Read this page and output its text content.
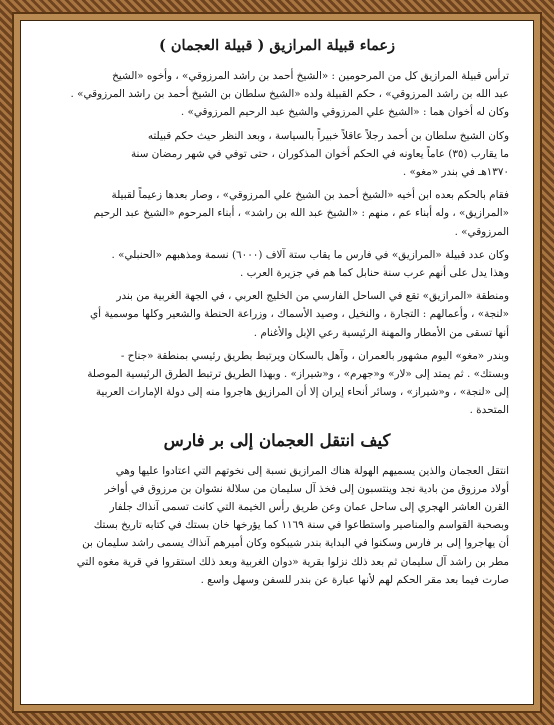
زعماء قبيلة المرازيق ( قبيلة العجمان )
ترأس قبيلة المرازيق كل من المرحومين : «الشيخ أحمد بن راشد المرزوقي» ، وأخوه «الشيخ
عبد الله بن راشد المرزوقي» ، حكم القبيلة ولده «الشيخ سلطان بن الشيخ أحمد بن راشد المرزوقي» .
وكان له أخوان هما : «الشيخ علي المرزوقي والشيخ عبد الرحيم المرزوقي» .
وكان الشيخ سلطان بن أحمد رجلاً عاقلاً خبيراً بالسياسة ، وبعد النظر حيث حكم قبيلته
ما يقارب (٣٥) عاماً يعاونه في الحكم أخوان المذكوران ، حتى توفي في شهر رمضان سنة
١٣٧٠هـ في بندر «مغو» .
فقام بالحكم بعده ابن أخيه «الشيخ أحمد بن الشيخ علي المرزوقي» ، وصار بعدها زعيماً لقبيلة
«المرازيق» ، وله أبناء عم ، منهم : «الشيخ عبد الله بن راشد» ، أبناء المرحوم «الشيخ عبد الرحيم
المرزوقي» .
وكان عدد قبيلة «المرازيق» في فارس ما يقاب ستة آلاف (٦٠٠٠) نسمة ومذهبهم «الحنبلي» .
وهذا يدل على أنهم عرب سنة حنابل كما هم في جزيرة العرب .
ومنطقة «المرازيق» تقع في الساحل الفارسي من الخليج العربي ، في الجهة الغربية من بندر
«لنجة» ، وأعمالهم : التجارة ، والنخيل ، وصيد الأسماك ، وزراعة الحنطة والشعير وكلها موسمية أي
أنها تسقى من الأمطار والمهنة الرئيسية رعي الإبل والأغنام .
وبندر «مغو» اليوم مشهور بالعمران ، وآهل بالسكان ويرتبط بطريق رئيسي بمنطقة «جناح -
وبستك» . ثم يمتد إلى «لار» و«جهرم» ، و«شيراز» . وبهذا الطريق ترتبط الطرق الرئيسية الموصلة
إلى «لنجة» ، و«شيراز» ، وسائر أنحاء إيران إلا أن المرازيق هاجروا منه إلى دولة الإمارات العربية
المتحدة .
كيف انتقل العجمان إلى بر فارس
انتقل العجمان والذين يسميهم الهولة هناك المرازيق نسبة إلى نخوتهم التي اعتادوا عليها وهي
أولاد مرزوق من بادية نجد وينتسبون إلى فخذ آل سليمان من سلالة نشوان بن مرزوق في أواخر
القرن العاشر الهجري إلى ساحل عمان وعن طريق رأس الخيمة التي كانت تسمى آنذاك جلفار
وبصحبة القواسم والمناصير واستطاعوا في سنة ١١٦٩ كما يؤرخها خان بستك في كتابه تاريخ بستك
أن يهاجروا إلى بر فارس وسكنوا في البداية بندر شيبكوه وكان أميرهم آنذاك يسمى راشد سليمان بن
مطر بن راشد آل سليمان ثم بعد ذلك نزلوا بقرية «دوان الغربية وبعد ذلك استقروا في قرية مغوه التي
صارت فيما بعد مقر الحكم لهم لأنها عبارة عن بندر للسفن وسهل واسع .
